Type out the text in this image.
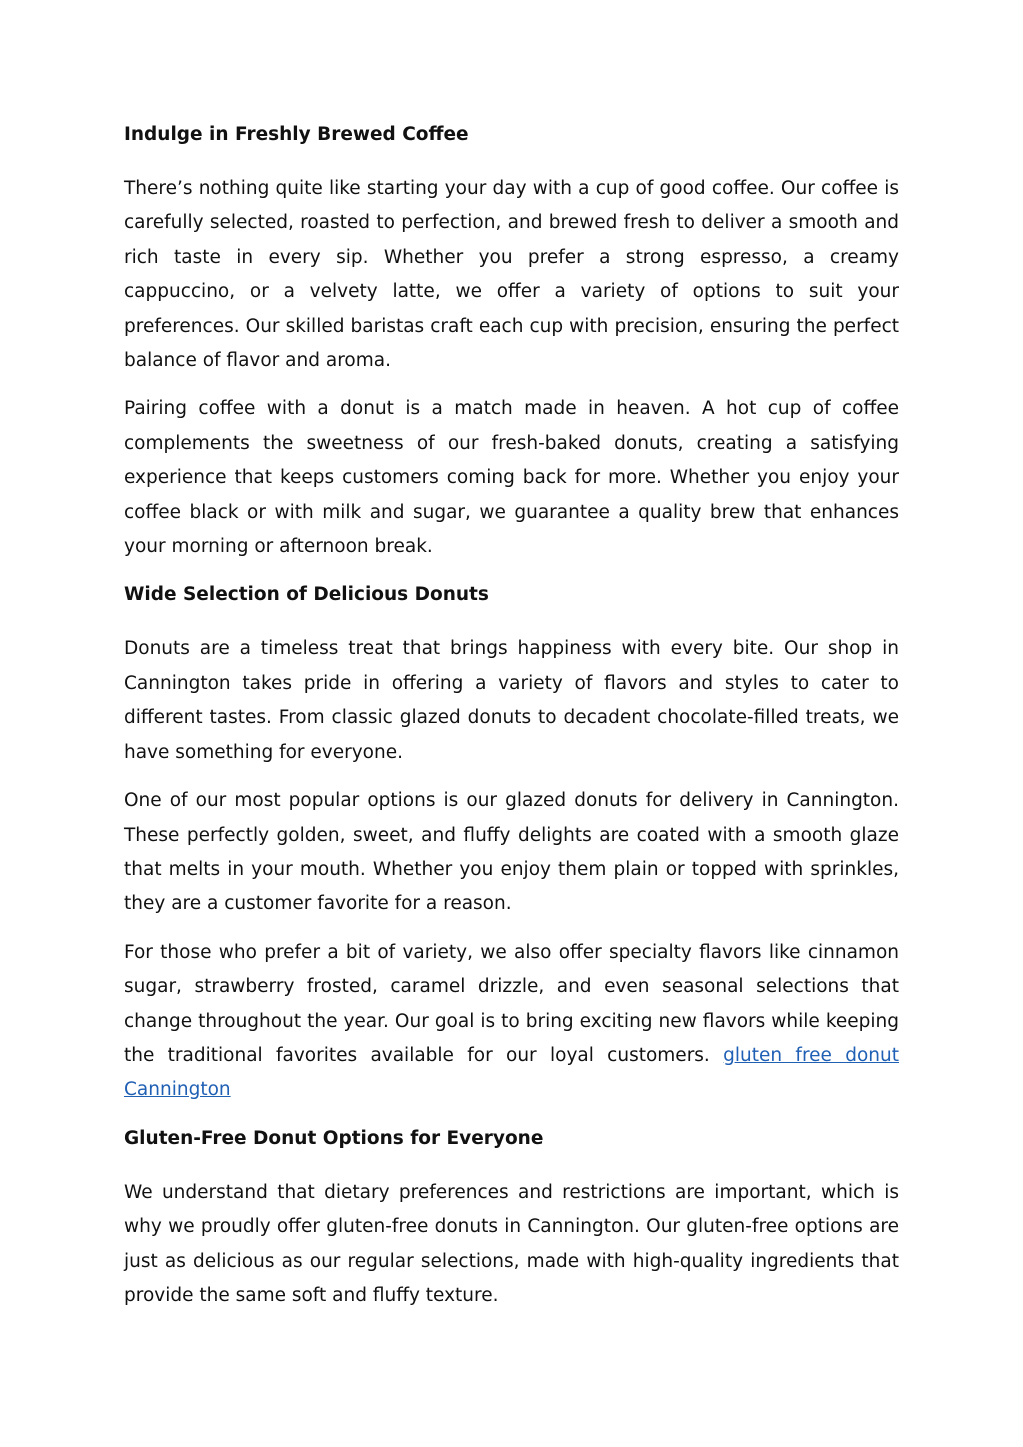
Indulge in Freshly Brewed Coffee

There’s nothing quite like starting your day with a cup of good coffee. Our coffee is carefully selected, roasted to perfection, and brewed fresh to deliver a smooth and rich taste in every sip. Whether you prefer a strong espresso, a creamy cappuccino, or a velvety latte, we offer a variety of options to suit your preferences. Our skilled baristas craft each cup with precision, ensuring the perfect balance of flavor and aroma.

Pairing coffee with a donut is a match made in heaven. A hot cup of coffee complements the sweetness of our fresh-baked donuts, creating a satisfying experience that keeps customers coming back for more. Whether you enjoy your coffee black or with milk and sugar, we guarantee a quality brew that enhances your morning or afternoon break.

Wide Selection of Delicious Donuts

Donuts are a timeless treat that brings happiness with every bite. Our shop in Cannington takes pride in offering a variety of flavors and styles to cater to different tastes. From classic glazed donuts to decadent chocolate-filled treats, we have something for everyone.

One of our most popular options is our glazed donuts for delivery in Cannington. These perfectly golden, sweet, and fluffy delights are coated with a smooth glaze that melts in your mouth. Whether you enjoy them plain or topped with sprinkles, they are a customer favorite for a reason.

For those who prefer a bit of variety, we also offer specialty flavors like cinnamon sugar, strawberry frosted, caramel drizzle, and even seasonal selections that change throughout the year. Our goal is to bring exciting new flavors while keeping the traditional favorites available for our loyal customers. gluten free donut Cannington

Gluten-Free Donut Options for Everyone

We understand that dietary preferences and restrictions are important, which is why we proudly offer gluten-free donuts in Cannington. Our gluten-free options are just as delicious as our regular selections, made with high-quality ingredients that provide the same soft and fluffy texture.
